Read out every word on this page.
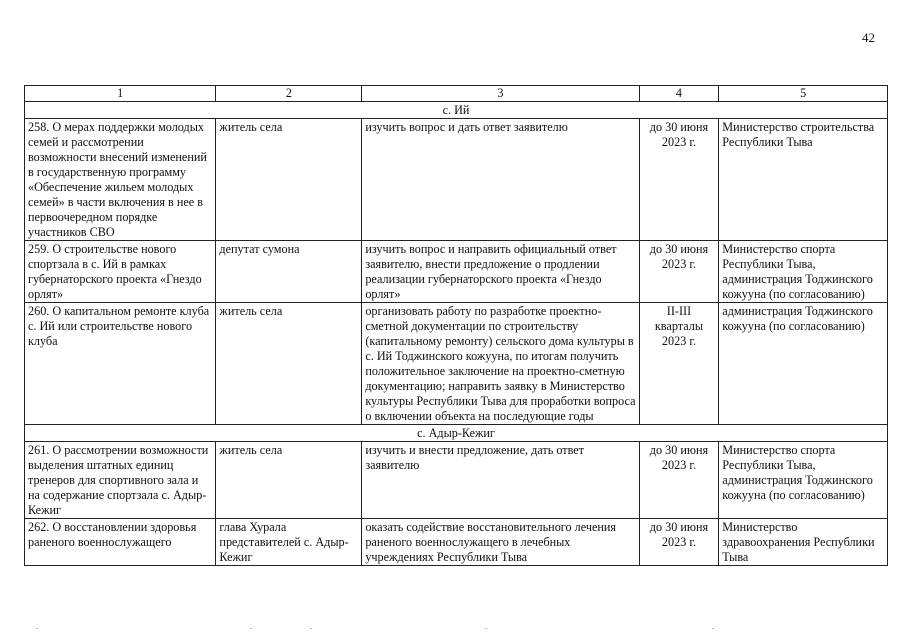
42
1	2	3	4	5
с. Ий				
258. О мерах поддержки молодых семей и рассмотрении возможности внесений изменений в государственную программу «Обеспечение жильем молодых семей» в части включения в нее в первоочередном порядке участников СВО	житель села	изучить вопрос и дать ответ заявителю	до 30 июня 2023 г.	Министерство строительства Республики Тыва
259. О строительстве нового спортзала в с. Ий в рамках губернаторского проекта «Гнездо орлят»	депутат сумона	изучить вопрос и направить официальный ответ заявителю, внести предложение о продлении реализации губернаторского проекта «Гнездо орлят»	до 30 июня 2023 г.	Министерство спорта Республики Тыва, администрация Тоджинского кожууна (по согласованию)
260. О капитальном ремонте клуба с. Ий или строительстве нового клуба	житель села	организовать работу по разработке проектно-сметной документации по строительству (капитальному ремонту) сельского дома культуры в с. Ий Тоджинского кожууна, по итогам получить положительное заключение на проектно-сметную документацию; направить заявку в Министерство культуры Республики Тыва для проработки вопроса о включении объекта на последующие годы	II-III кварталы 2023 г.	администрация Тоджинского кожууна (по согласованию)
с. Адыр-Кежиг				
261. О рассмотрении возможности выделения штатных единиц тренеров для спортивного зала и на содержание спортзала с. Адыр-Кежиг	житель села	изучить и внести предложение, дать ответ заявителю	до 30 июня 2023 г.	Министерство спорта Республики Тыва, администрация Тоджинского кожууна (по согласованию)
262. О восстановлении здоровья раненого военнослужащего	глава Хурала представителей с. Адыр-Кежиг	оказать содействие восстановительного лечения раненого военнослужащего в лечебных учреждениях Республики Тыва	до 30 июня 2023 г.	Министерство здравоохранения Республики Тыва
